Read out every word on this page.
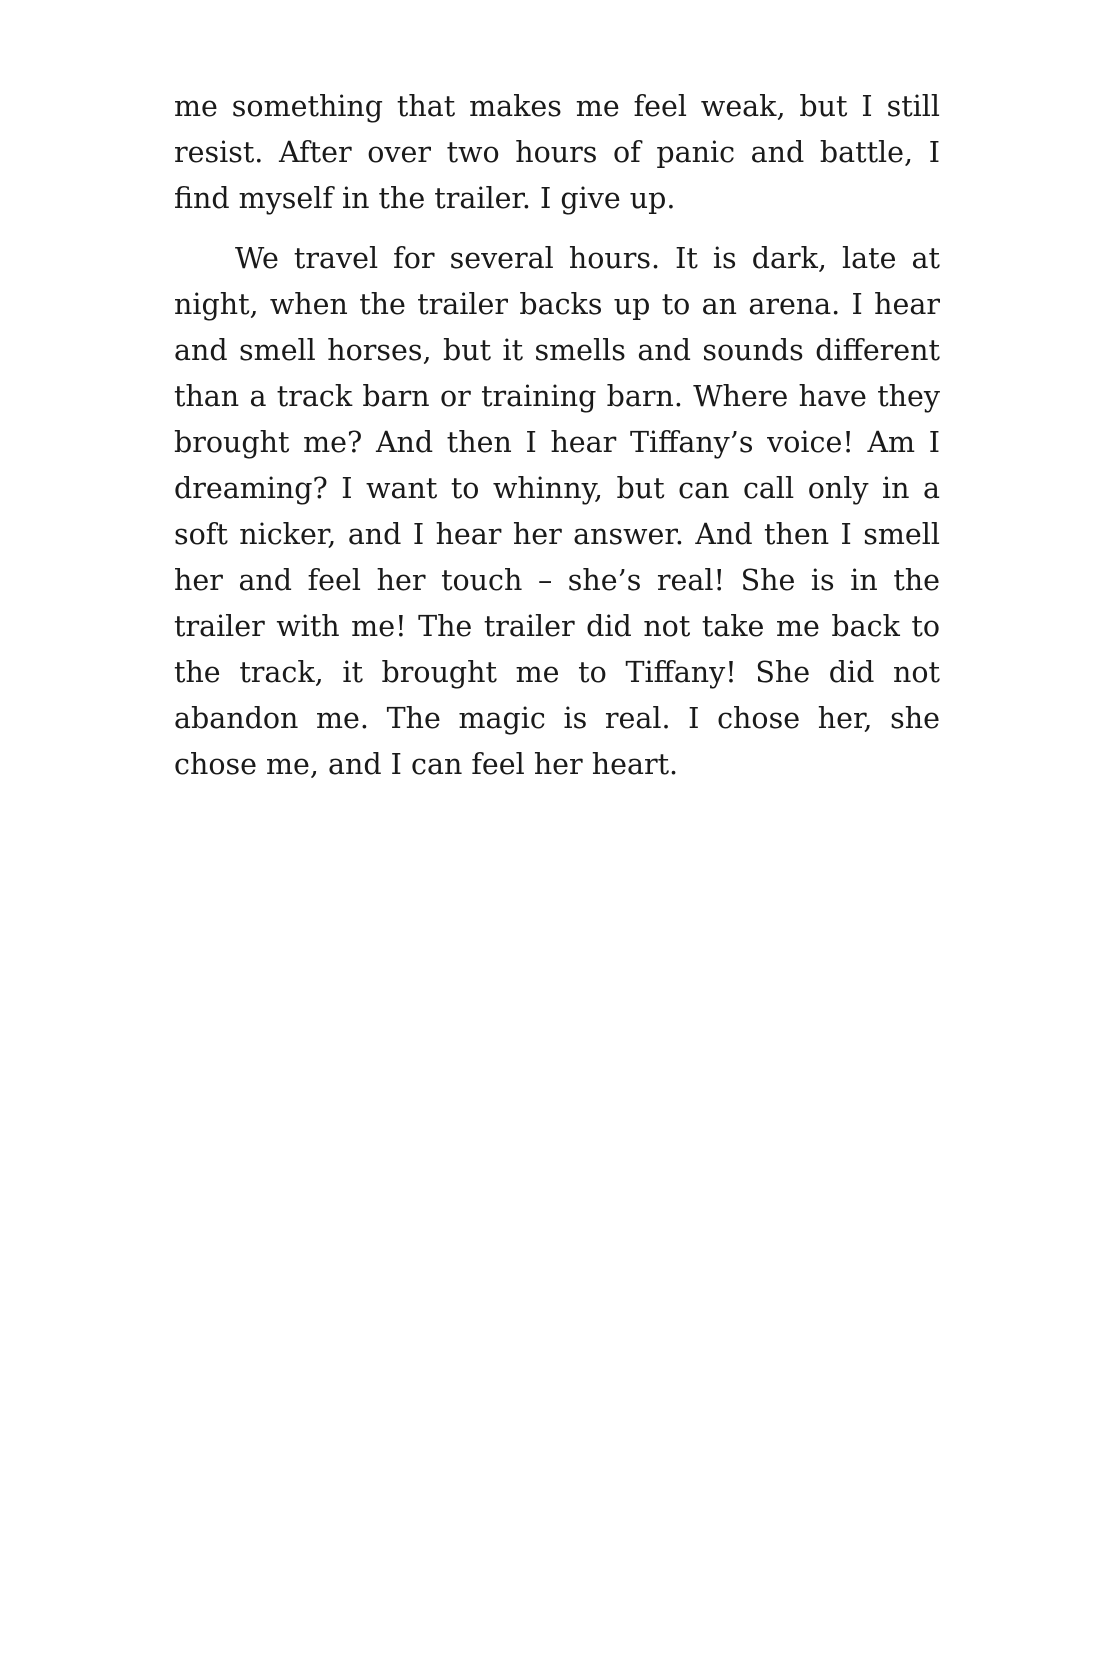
me something that makes me feel weak, but I still resist. After over two hours of panic and battle, I find myself in the trailer. I give up.

We travel for several hours. It is dark, late at night, when the trailer backs up to an arena. I hear and smell horses, but it smells and sounds different than a track barn or training barn. Where have they brought me? And then I hear Tiffany’s voice! Am I dreaming? I want to whinny, but can call only in a soft nicker, and I hear her answer. And then I smell her and feel her touch – she’s real! She is in the trailer with me! The trailer did not take me back to the track, it brought me to Tiffany! She did not abandon me. The magic is real. I chose her, she chose me, and I can feel her heart.
